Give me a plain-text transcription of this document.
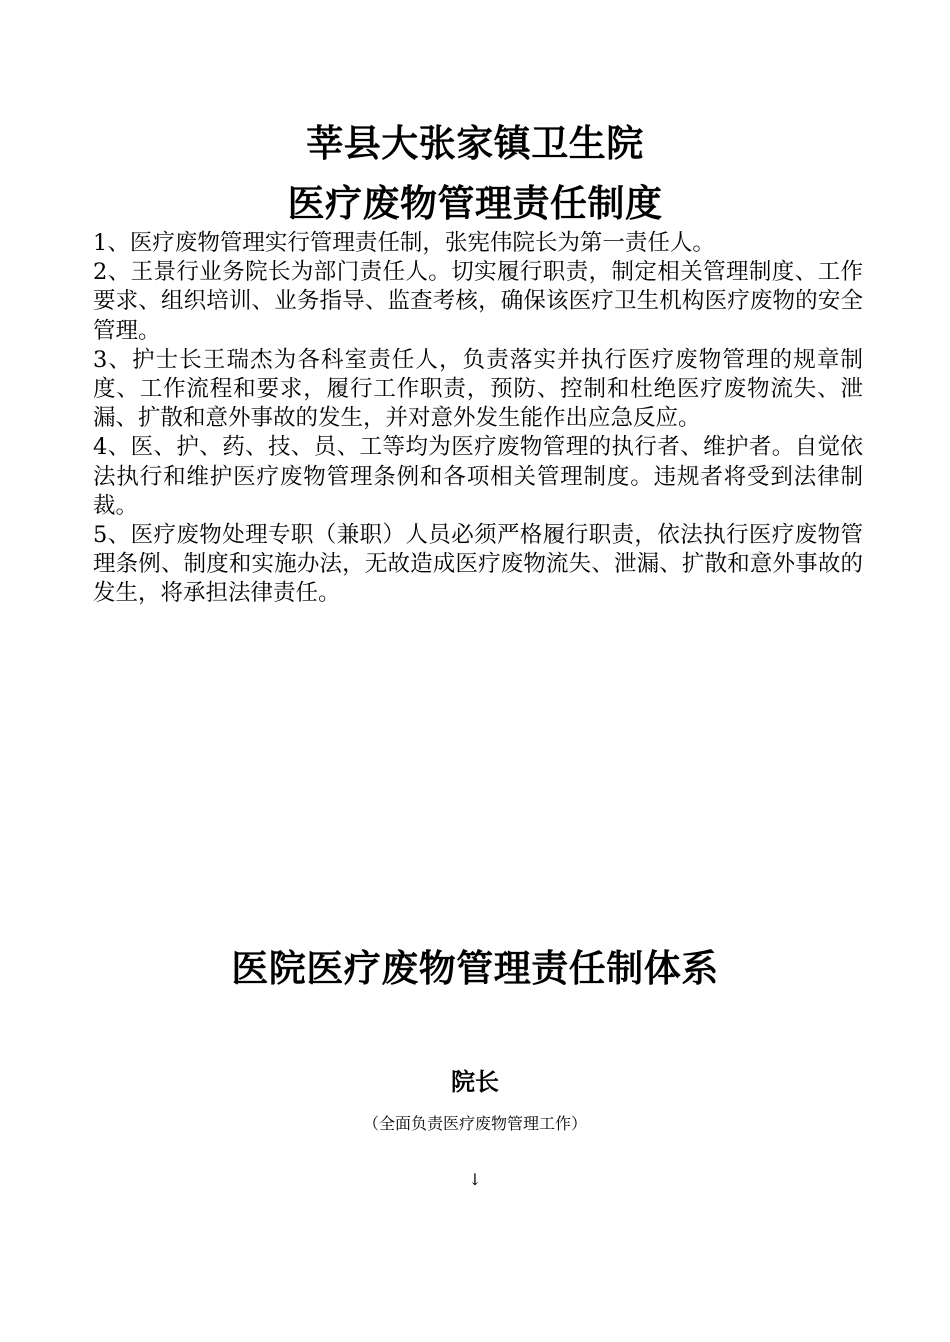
莘县大张家镇卫生院
医疗废物管理责任制度

1、医疗废物管理实行管理责任制，张宪伟院长为第一责任人。

2、王景行业务院长为部门责任人。切实履行职责，制定相关管理制度、工作要求、组织培训、业务指导、监查考核，确保该医疗卫生机构医疗废物的安全管理。

3、护士长王瑞杰为各科室责任人，负责落实并执行医疗废物管理的规章制度、工作流程和要求，履行工作职责，预防、控制和杜绝医疗废物流失、泄漏、扩散和意外事故的发生，并对意外发生能作出应急反应。

4、医、护、药、技、员、工等均为医疗废物管理的执行者、维护者。自觉依法执行和维护医疗废物管理条例和各项相关管理制度。违规者将受到法律制裁。

5、医疗废物处理专职（兼职）人员必须严格履行职责，依法执行医疗废物管理条例、制度和实施办法，无故造成医疗废物流失、泄漏、扩散和意外事故的发生，将承担法律责任。

医院医疗废物管理责任制体系
院长
（全面负责医疗废物管理工作）
↓
